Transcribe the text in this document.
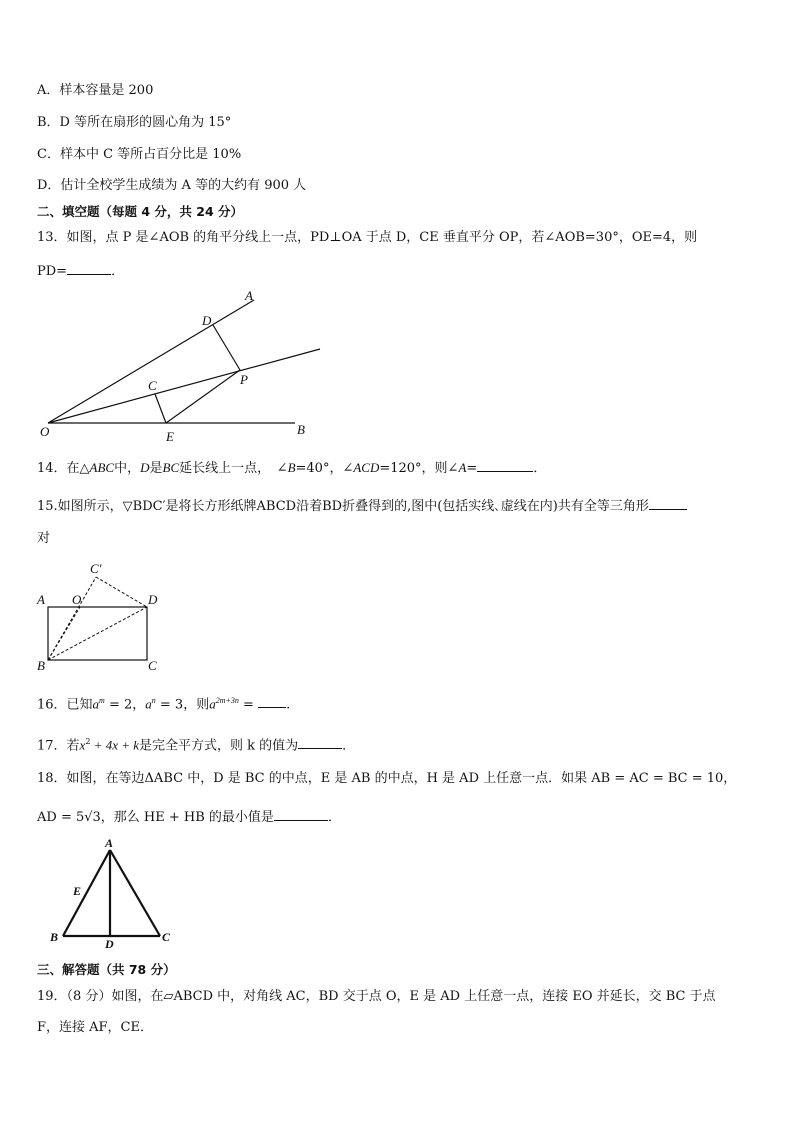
A．样本容量是 200
B．D 等所在扇形的圆心角为 15°
C．样本中 C 等所占百分比是 10%
D．估计全校学生成绩为 A 等的大约有 900 人
二、填空题（每题 4 分，共 24 分）
13．如图，点 P 是∠AOB 的角平分线上一点，PD⊥OA 于点 D，CE 垂直平分 OP，若∠AOB=30°，OE=4，则
PD=	．
A
D
P
C
O	E	B
14．在△ABC中，D是BC延长线上一点，　∠B=40°，∠ACD=120°，则∠A=	．
15.如图所示，▽BDC′是将长方形纸牌ABCD沿着BD折叠得到的,图中(包括实线､虚线在内)共有全等三角形
对
C′
A O	D
B	C
16．已知$a^m = 2$，$a^n = 3$，则$a^{2m+3n}$ = .
17．若$x^2 + 4x + k$是完全平方式，则 k 的值为	．
18．如图，在等边ΔABC 中，D 是 BC 的中点，E 是 AB 的中点，H 是 AD 上任意一点．如果 AB = AC = BC = 10，
AD = 5√3，那么 HE + HB 的最小值是	．
A
E
B	D	C
三、解答题（共 78 分）
19．（8 分）如图，在▱ABCD 中，对角线 AC，BD 交于点 O，E 是 AD 上任意一点，连接 EO 并延长，交 BC 于点
F，连接 AF，CE．
